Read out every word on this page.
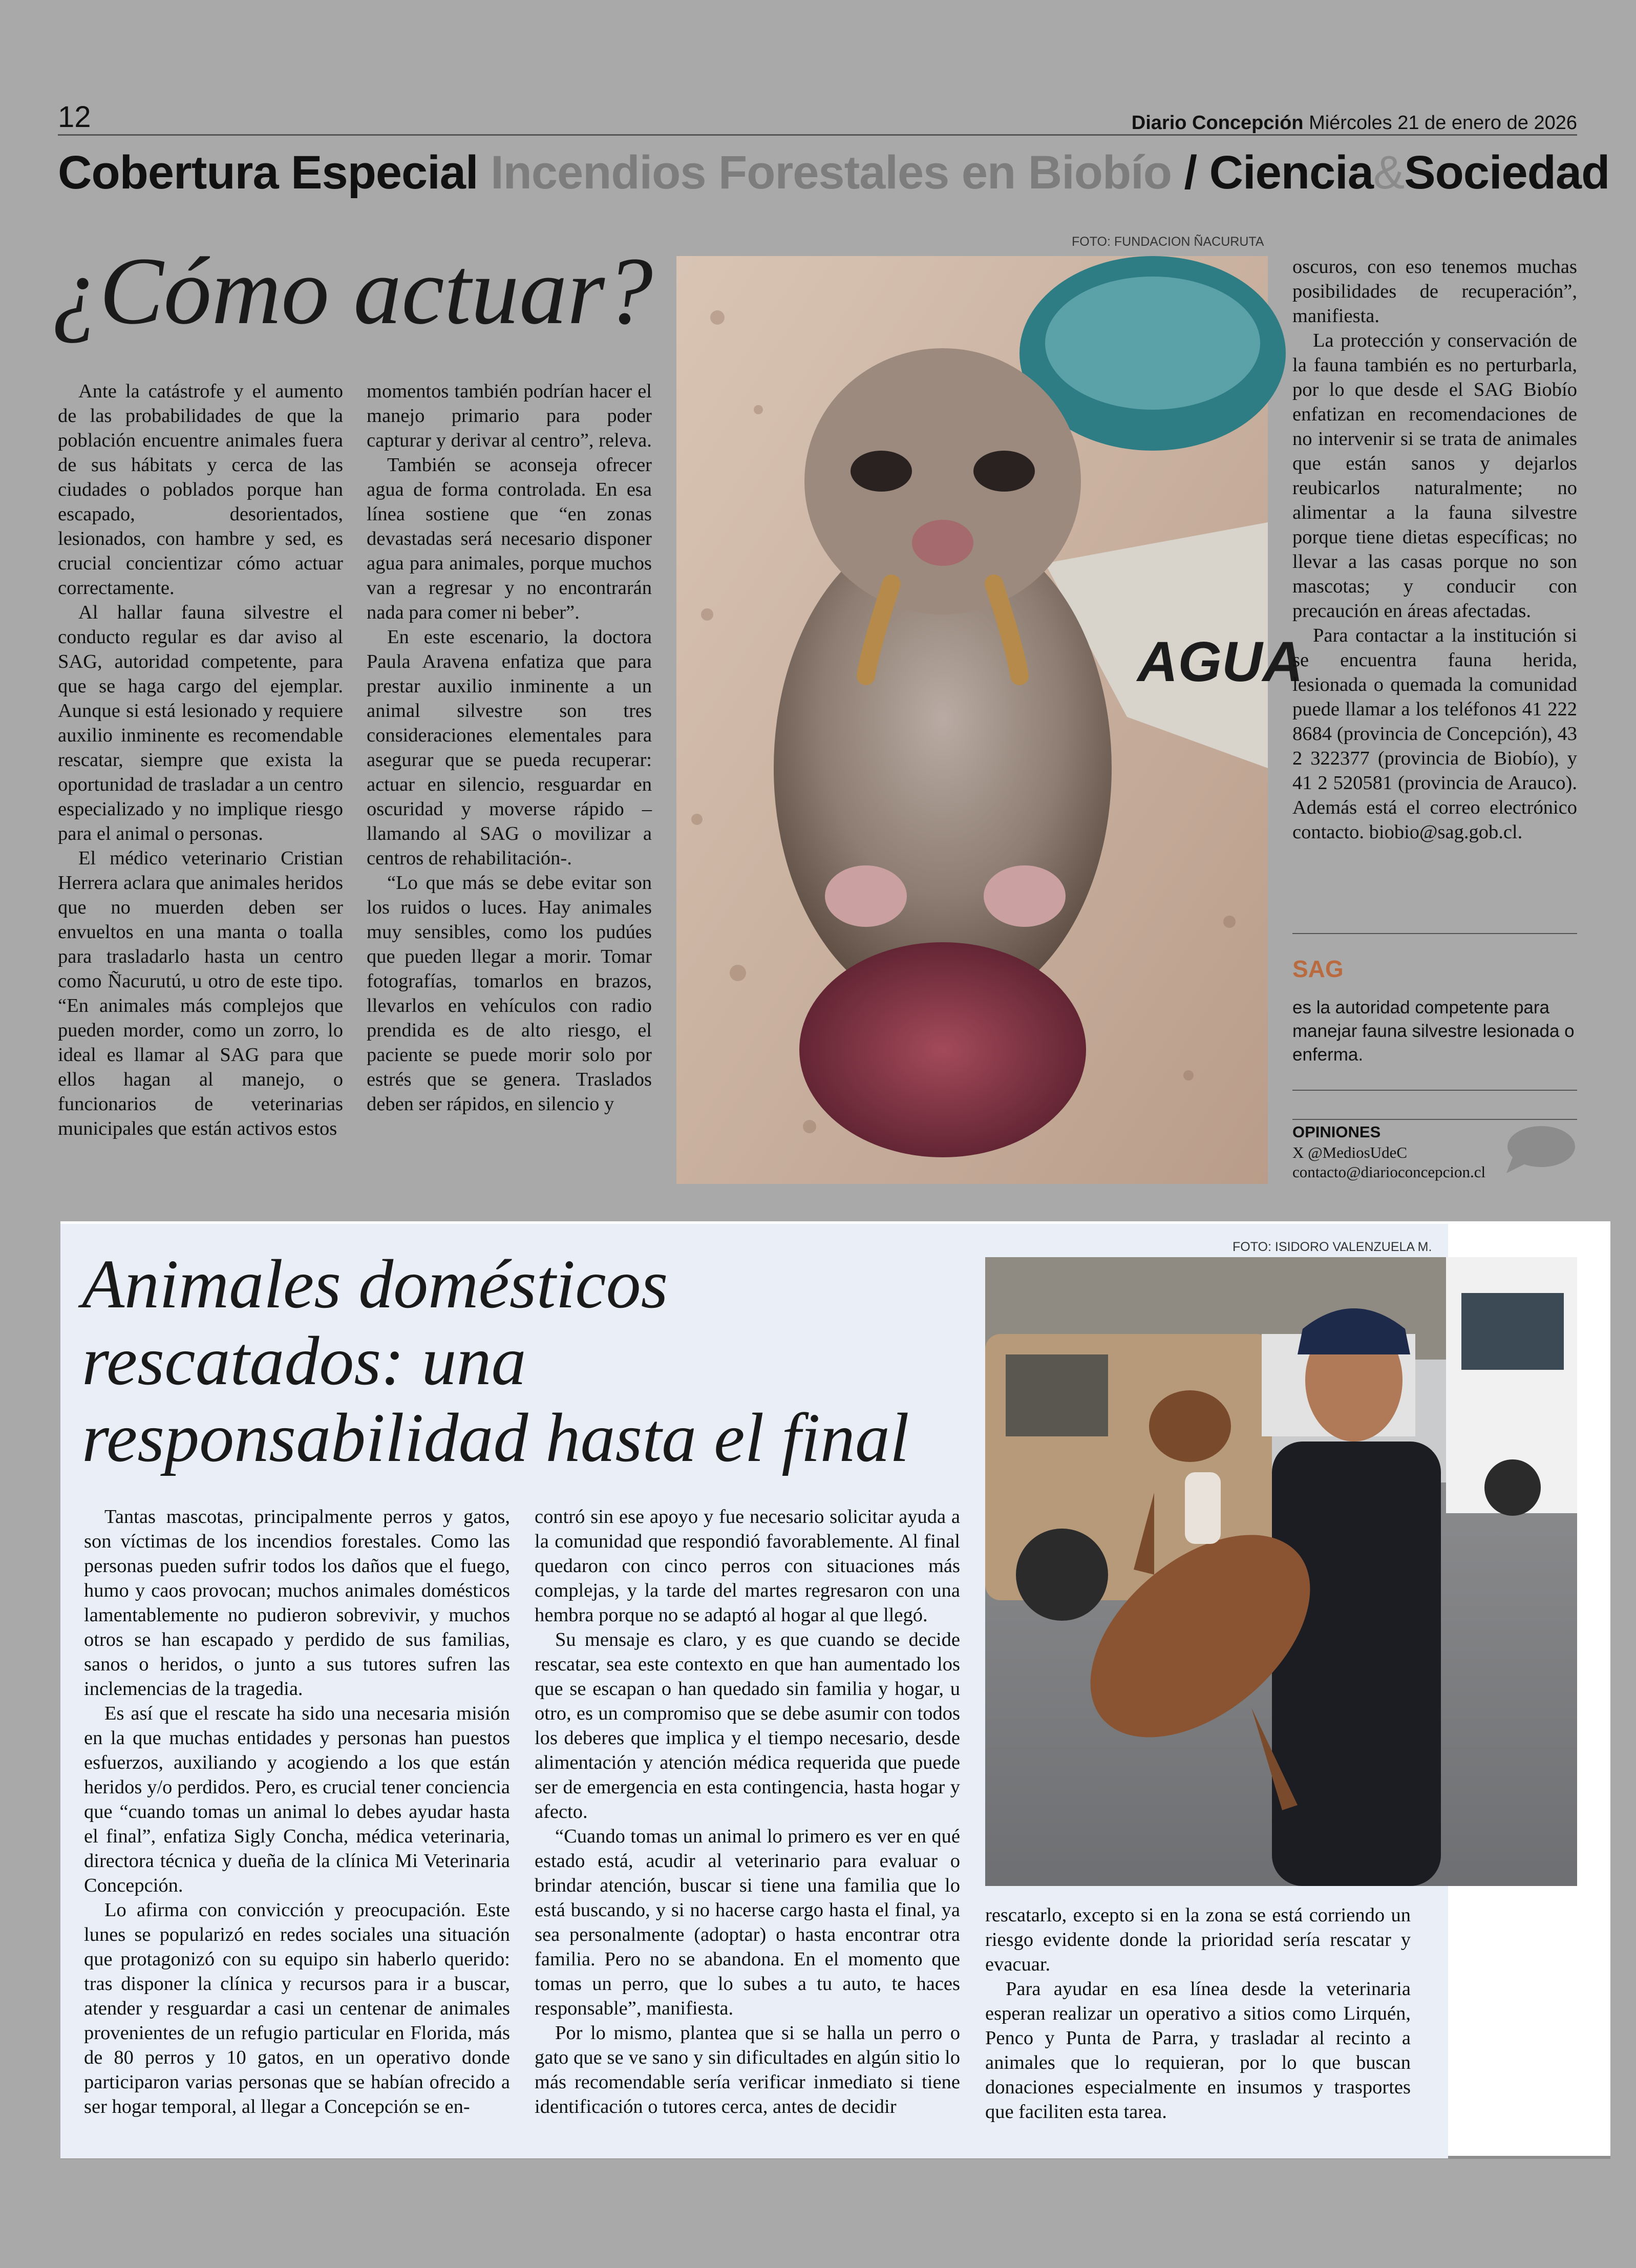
12	Diario Concepción Miércoles 21 de enero de 2026
Cobertura Especial Incendios Forestales en Biobío / Ciencia&Sociedad
¿Cómo actuar?	FOTO: FUNDACION ÑACURUTA
AGUA

Ante la catástrofe y el aumento de las probabilidades de que la población encuentre animales fuera de sus hábitats y cerca de las ciudades o poblados porque han escapado, desorientados, lesionados, con hambre y sed, es crucial concientizar cómo actuar correctamente.

Al hallar fauna silvestre el conducto regular es dar aviso al SAG, autoridad competente, para que se haga cargo del ejemplar. Aunque si está lesionado y requiere auxilio inminente es recomendable rescatar, siempre que exista la oportunidad de trasladar a un centro especializado y no implique riesgo para el animal o personas.

El médico veterinario Cristian Herrera aclara que animales heridos que no muerden deben ser envueltos en una manta o toalla para trasladarlo hasta un centro como Ñacurutú, u otro de este tipo. “En animales más complejos que pueden morder, como un zorro, lo ideal es llamar al SAG para que ellos hagan al manejo, o funcionarios de veterinarias municipales que están activos estos

momentos también podrían hacer el manejo primario para poder capturar y derivar al centro”, releva.

También se aconseja ofrecer agua de forma controlada. En esa línea sostiene que “en zonas devastadas será necesario disponer agua para animales, porque muchos van a regresar y no encontrarán nada para comer ni beber”.

En este escenario, la doctora Paula Aravena enfatiza que para prestar auxilio inminente a un animal silvestre son tres consideraciones elementales para asegurar que se pueda recuperar: actuar en silencio, resguardar en oscuridad y moverse rápido –llamando al SAG o movilizar a centros de rehabilitación-.

“Lo que más se debe evitar son los ruidos o luces. Hay animales muy sensibles, como los pudúes que pueden llegar a morir. Tomar fotografías, tomarlos en brazos, llevarlos en vehículos con radio prendida es de alto riesgo, el paciente se puede morir solo por estrés que se genera. Traslados deben ser rápidos, en silencio y

oscuros, con eso tenemos muchas posibilidades de recuperación”, manifiesta.

La protección y conservación de la fauna también es no perturbarla, por lo que desde el SAG Biobío enfatizan en recomendaciones de no intervenir si se trata de animales que están sanos y dejarlos reubicarlos naturalmente; no alimentar a la fauna silvestre porque tiene dietas específicas; no llevar a las casas porque no son mascotas; y conducir con precaución en áreas afectadas.

Para contactar a la institución si se encuentra fauna herida, lesionada o quemada la comunidad puede llamar a los teléfonos 41 222 8684 (provincia de Concepción), 43 2 322377 (provincia de Biobío), y 41 2 520581 (provincia de Arauco). Además está el correo electrónico contacto. biobio@sag.gob.cl.

SAG
es la autoridad competente para manejar fauna silvestre lesionada o enferma.
OPINIONES
X @MediosUdeC
contacto@diarioconcepcion.cl
FOTO: ISIDORO VALENZUELA M.
Animales domésticos
rescatados: una
responsabilidad hasta el final

Tantas mascotas, principalmente perros y gatos, son víctimas de los incendios forestales. Como las personas pueden sufrir todos los daños que el fuego, humo y caos provocan; muchos animales domésticos lamentablemente no pudieron sobrevivir, y muchos otros se han escapado y perdido de sus familias, sanos o heridos, o junto a sus tutores sufren las inclemencias de la tragedia.

Es así que el rescate ha sido una necesaria misión en la que muchas entidades y personas han puestos esfuerzos, auxiliando y acogiendo a los que están heridos y/o perdidos. Pero, es crucial tener conciencia que “cuando tomas un animal lo debes ayudar hasta el final”, enfatiza Sigly Concha, médica veterinaria, directora técnica y dueña de la clínica Mi Veterinaria Concepción.

Lo afirma con convicción y preocupación. Este lunes se popularizó en redes sociales una situación que protagonizó con su equipo sin haberlo querido: tras disponer la clínica y recursos para ir a buscar, atender y resguardar a casi un centenar de animales provenientes de un refugio particular en Florida, más de 80 perros y 10 gatos, en un operativo donde participaron varias personas que se habían ofrecido a ser hogar temporal, al llegar a Concepción se en-

contró sin ese apoyo y fue necesario solicitar ayuda a la comunidad que respondió favorablemente. Al final quedaron con cinco perros con situaciones más complejas, y la tarde del martes regresaron con una hembra porque no se adaptó al hogar al que llegó.

Su mensaje es claro, y es que cuando se decide rescatar, sea este contexto en que han aumentado los que se escapan o han quedado sin familia y hogar, u otro, es un compromiso que se debe asumir con todos los deberes que implica y el tiempo necesario, desde alimentación y atención médica requerida que puede ser de emergencia en esta contingencia, hasta hogar y afecto.

“Cuando tomas un animal lo primero es ver en qué estado está, acudir al veterinario para evaluar o brindar atención, buscar si tiene una familia que lo está buscando, y si no hacerse cargo hasta el final, ya sea personalmente (adoptar) o hasta encontrar otra familia. Pero no se abandona. En el momento que tomas un perro, que lo subes a tu auto, te haces responsable”, manifiesta.

Por lo mismo, plantea que si se halla un perro o gato que se ve sano y sin dificultades en algún sitio lo más recomendable sería verificar inmediato si tiene identificación o tutores cerca, antes de decidir

rescatarlo, excepto si en la zona se está corriendo un riesgo evidente donde la prioridad sería rescatar y evacuar.

Para ayudar en esa línea desde la veterinaria esperan realizar un operativo a sitios como Lirquén, Penco y Punta de Parra, y trasladar al recinto a animales que lo requieran, por lo que buscan donaciones especialmente en insumos y trasportes que faciliten esta tarea.
